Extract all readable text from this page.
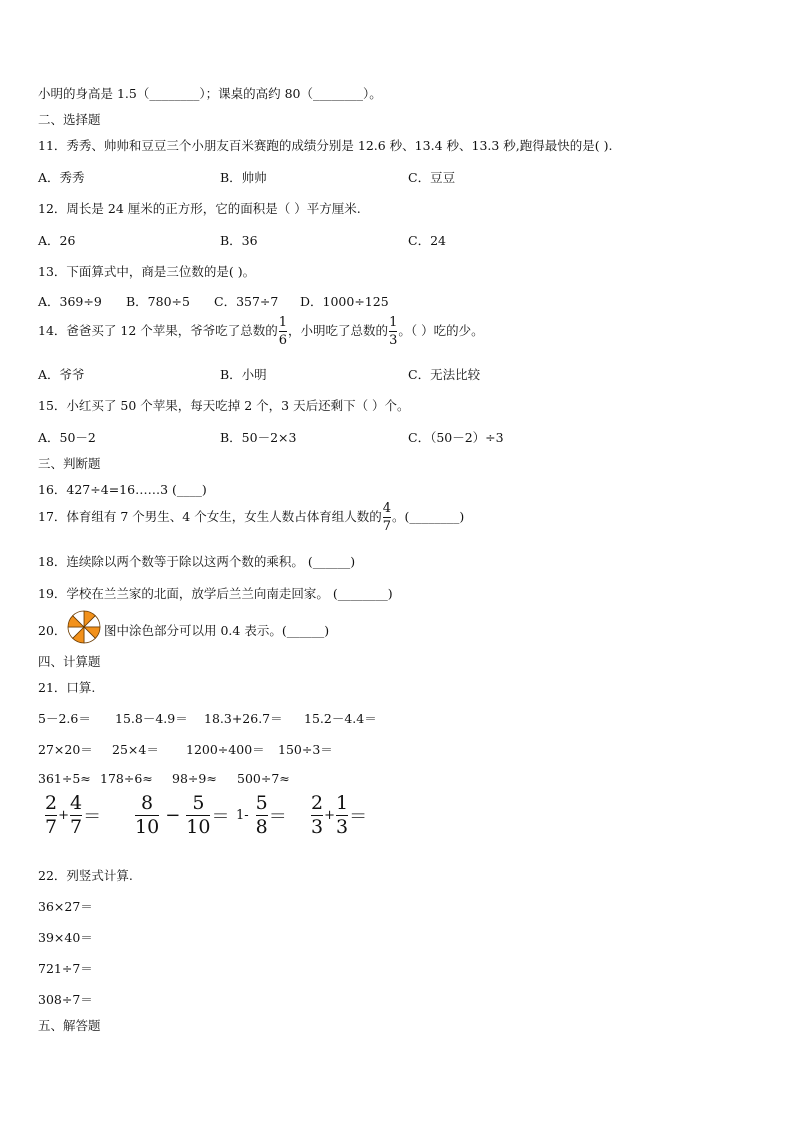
小明的身高是 1.5（________）；课桌的高约 80（________）。
二、选择题
11．秀秀、帅帅和豆豆三个小朋友百米赛跑的成绩分别是 12.6 秒、13.4 秒、13.3 秒,跑得最快的是( ).
A．秀秀	B．帅帅	C．豆豆
12．周长是 24 厘米的正方形，它的面积是（ ）平方厘米.
A．26	B．36	C．24
13．下面算式中，商是三位数的是( )。
A．369÷9 B．780÷5 C．357÷7 D．1000÷125
14．爸爸买了 12 个苹果，爷爷吃了总数的 $\frac{1}{6}$ ，小明吃了总数的 $\frac{1}{3}$ 。（ ）吃的少。
A．爷爷	B．小明	C．无法比较
15．小红买了 50 个苹果，每天吃掉 2 个，3 天后还剩下（ ）个。
A．50－2	B．50－2×3	C．（50－2）÷3
三、判断题
16．427÷4=16……3 (____)
17．体育组有 7 个男生、4 个女生，女生人数占体育组人数的 $\frac{4}{7}$ 。(________)
18．连续除以两个数等于除以这两个数的乘积。 (______)
19．学校在兰兰家的北面，放学后兰兰向南走回家。 (________)
20．	图中涂色部分可以用 0.4 表示。(______)
四、计算题
21．口算.
5－2.6＝ 15.8－4.9＝ 18.3+26.7＝ 15.2－4.4＝
27×20＝ 25×4＝ 1200÷400＝ 150÷3＝
361÷5≈ 178÷6≈ 98÷9≈ 500÷7≈
$\frac{2}{7} + \frac{4}{7} = \frac{8}{10} - \frac{5}{10} = 1- \frac{5}{8} = \frac{2}{3} + \frac{1}{3}$ ＝
22．列竖式计算.
36×27＝
39×40＝
721÷7＝
308÷7＝
五、解答题
